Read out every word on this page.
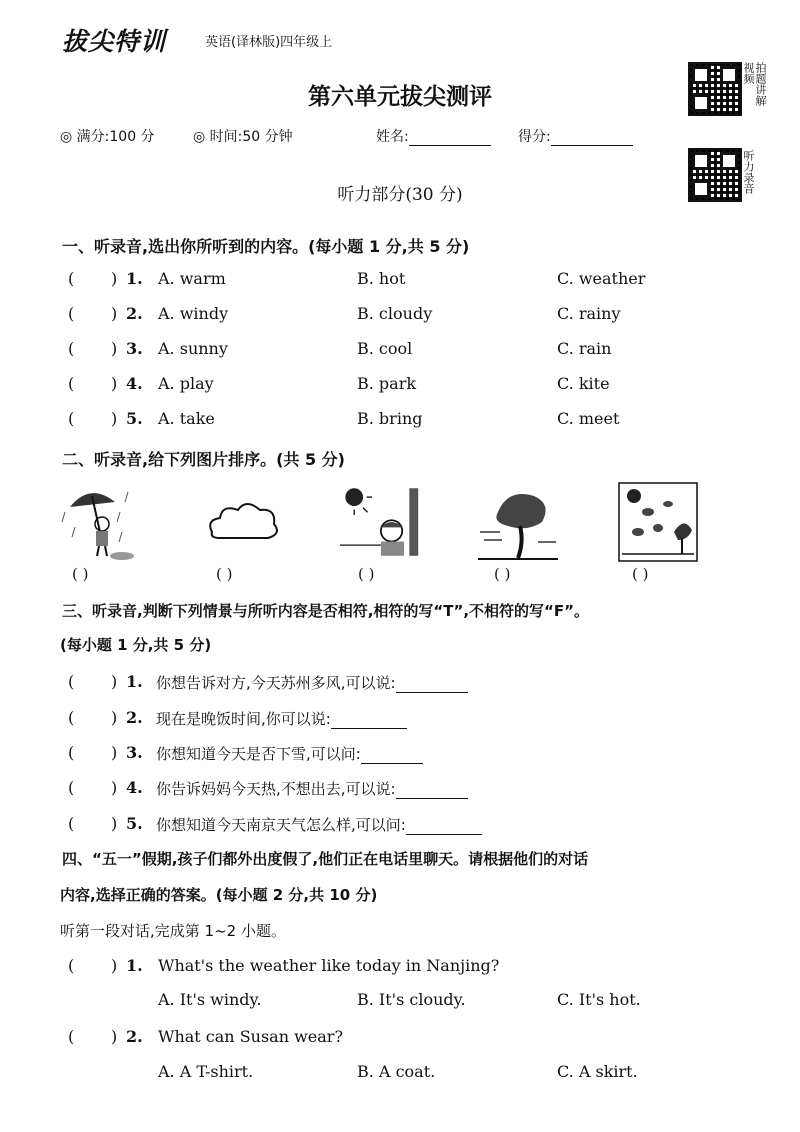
拔尖特训	英语(译林版)四年级上
第六单元拔尖测评	拍题讲解视频
听力录音
◎ 满分:100 分	◎ 时间:50 分钟	姓名:	得分:
听力部分(30 分)
一、听录音,选出你所听到的内容。(每小题 1 分,共 5 分)
( ) 1. A. warm	B. hot	C. weather
( ) 2. A. windy	B. cloudy	C. rainy
( ) 3. A. sunny	B. cool	C. rain
( ) 4. A. play	B. park	C. kite
( ) 5. A. take	B. bring	C. meet
二、听录音,给下列图片排序。(共 5 分)
( )	( )	( )	( )	( )
三、听录音,判断下列情景与所听内容是否相符,相符的写“T”,不相符的写“F”。
(每小题 1 分,共 5 分)
( ) 1. 你想告诉对方,今天苏州多风,可以说:
( ) 2. 现在是晚饭时间,你可以说:
( ) 3. 你想知道今天是否下雪,可以问:
( ) 4. 你告诉妈妈今天热,不想出去,可以说:
( ) 5. 你想知道今天南京天气怎么样,可以问:
四、“五一”假期,孩子们都外出度假了,他们正在电话里聊天。请根据他们的对话
内容,选择正确的答案。(每小题 2 分,共 10 分)
听第一段对话,完成第 1~2 小题。
( ) 1. What's the weather like today in Nanjing?
A. It's windy.	B. It's cloudy.	C. It's hot.
( ) 2. What can Susan wear?
A. A T-shirt.	B. A coat.	C. A skirt.
